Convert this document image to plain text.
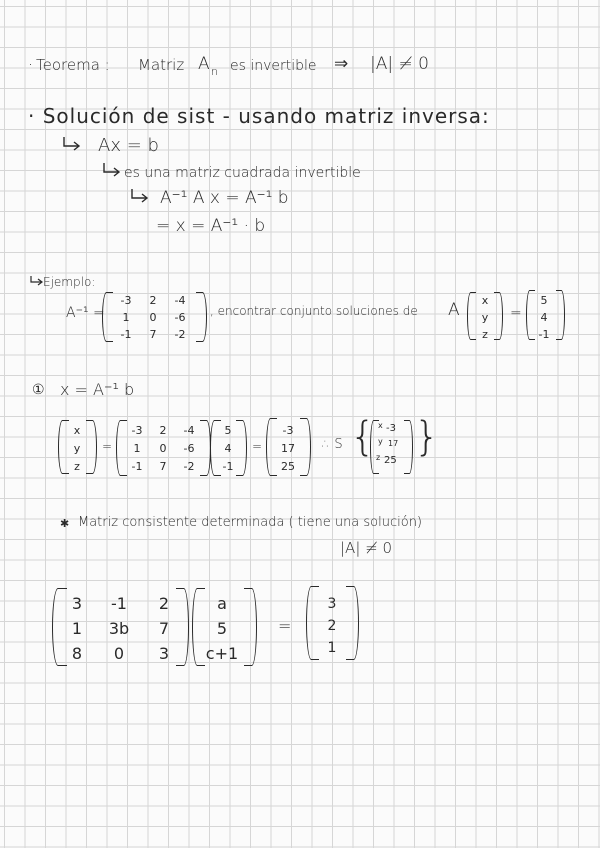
· Teorema : Matriz A n es invertible ⇒ |A| ≠ 0
· Solución de sist - usando matriz inversa:
Ax = b
es una matriz cuadrada invertible
A⁻¹ A x = A⁻¹ b
= x = A⁻¹ · b
Ejemplo:
A⁻¹ =
-3	2	-4
1	0	-6
-1	7	-2
, encontrar conjunto soluciones de A	x
y
z
=
5
4
-1
① x = A⁻¹ b
x
y
z
=
-3	2	-4
1	0	-6
-1	7	-2
5
4
-1
=
-3
17
25
∴ S { x -3
y 17
z 25
}
✱ Matriz consistente determinada ( tiene una solución)
|A| ≠ 0
3	-1	2
1	3b	7
8	0	3
a
5
c+1
=
3
2
1
